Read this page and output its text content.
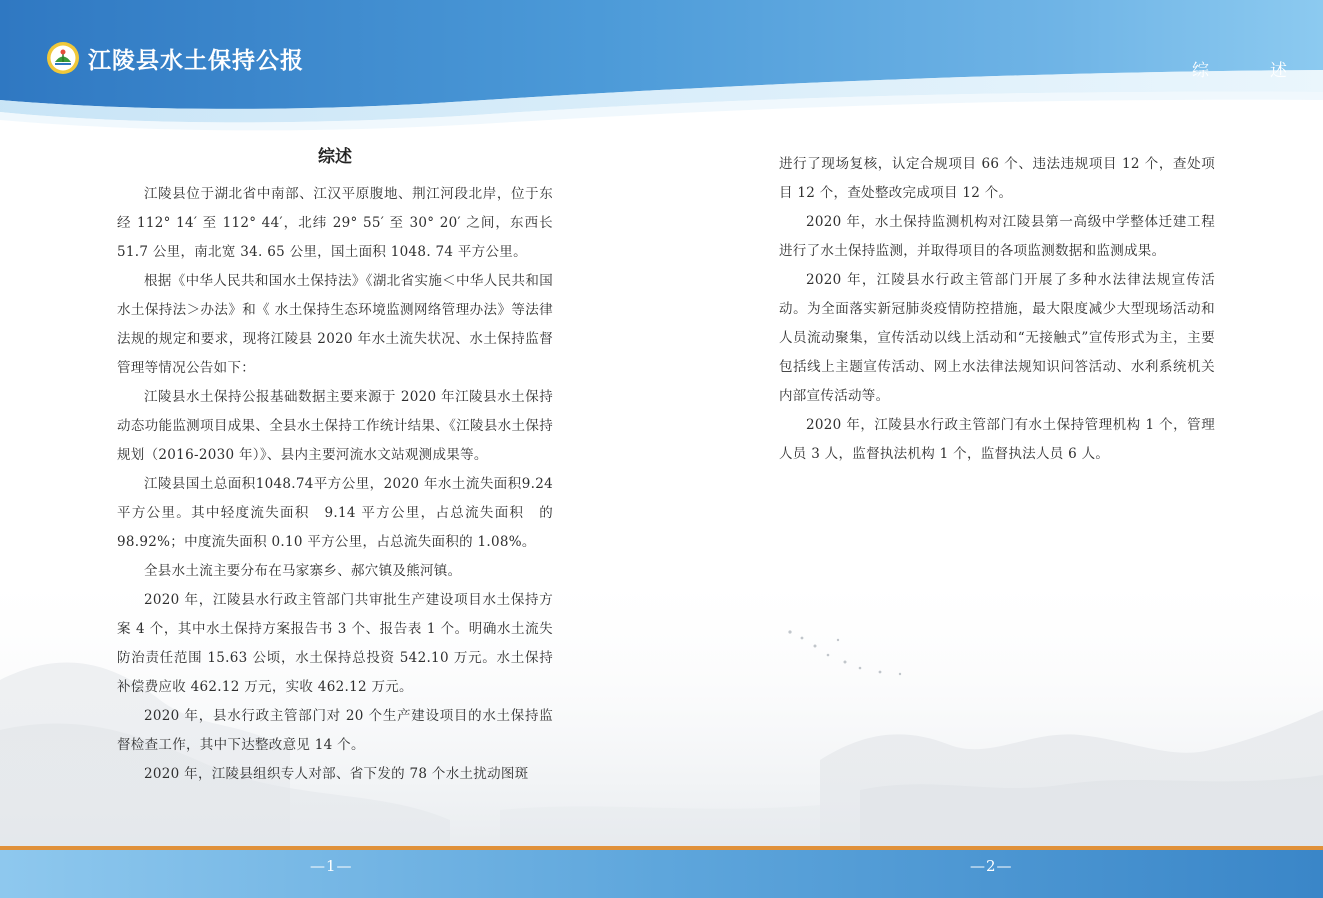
江陵县水土保持公报	综　述
综述

江陵县位于湖北省中南部、江汉平原腹地、荆江河段北岸，位于东经 112° 14′ 至 112° 44′，北纬 29° 55′ 至 30° 20′ 之间，东西长 51.7 公里，南北宽 34. 65 公里，国土面积 1048. 74 平方公里。

根据《中华人民共和国水土保持法》《湖北省实施＜中华人民共和国水土保持法＞办法》和《 水土保持生态环境监测网络管理办法》等法律法规的规定和要求，现将江陵县 2020 年水土流失状况、水土保持监督管理等情况公告如下：

江陵县水土保持公报基础数据主要来源于 2020 年江陵县水土保持动态功能监测项目成果、全县水土保持工作统计结果、《江陵县水土保持规划（2016-2030 年）》、县内主要河流水文站观测成果等。

江陵县国土总面积1048.74平方公里，2020 年水土流失面积9.24 平方公里。其中轻度流失面积　9.14 平方公里，占总流失面积　的 98.92%；中度流失面积 0.10 平方公里，占总流失面积的 1.08%。

全县水土流主要分布在马家寨乡、郝穴镇及熊河镇。

2020 年，江陵县水行政主管部门共审批生产建设项目水土保持方案 4 个，其中水土保持方案报告书 3 个、报告表 1 个。明确水土流失防治责任范围 15.63 公顷，水土保持总投资 542.10 万元。水土保持补偿费应收 462.12 万元，实收 462.12 万元。

2020 年，县水行政主管部门对 20 个生产建设项目的水土保持监督检查工作，其中下达整改意见 14 个。

2020 年，江陵县组织专人对部、省下发的 78 个水土扰动图斑

进行了现场复核，认定合规项目 66 个、违法违规项目 12 个，查处项目 12 个，查处整改完成项目 12 个。

2020 年，水土保持监测机构对江陵县第一高级中学整体迁建工程进行了水土保持监测，并取得项目的各项监测数据和监测成果。

2020 年，江陵县水行政主管部门开展了多种水法律法规宣传活动。为全面落实新冠肺炎疫情防控措施，最大限度减少大型现场活动和人员流动聚集，宣传活动以线上活动和“无接触式”宣传形式为主，主要包括线上主题宣传活动、网上水法律法规知识问答活动、水利系统机关内部宣传活动等。

2020 年，江陵县水行政主管部门有水土保持管理机构 1 个，管理人员 3 人，监督执法机构 1 个，监督执法人员 6 人。

—1—	—2—
